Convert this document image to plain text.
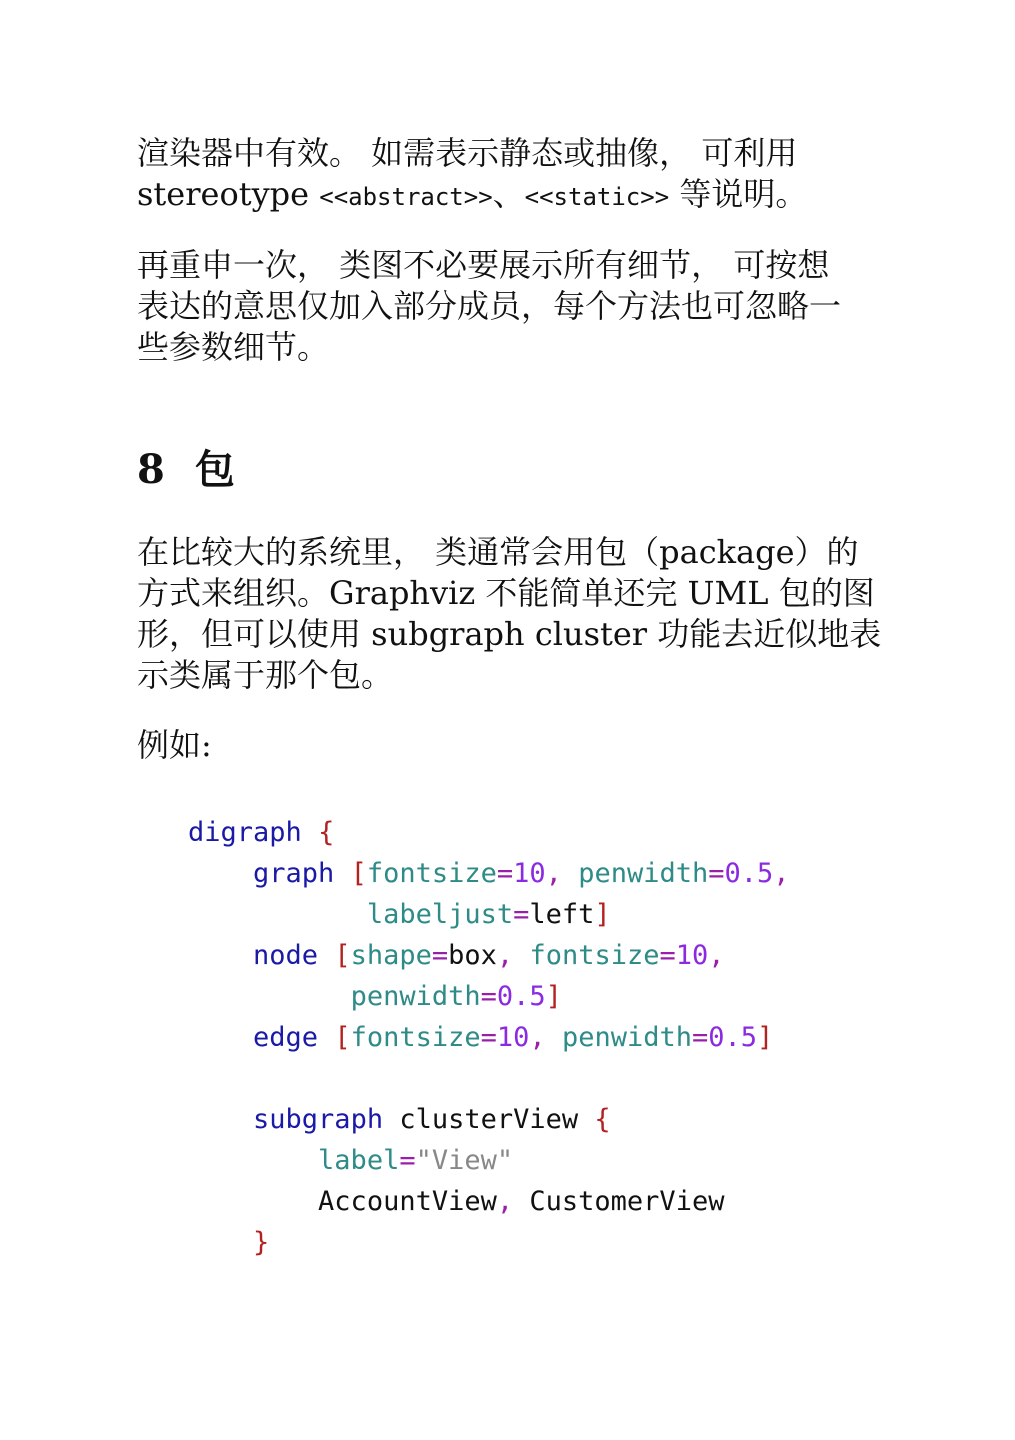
渲染器中有效。 如需表示静态或抽像， 可利用
stereotype <<abstract>>、<<static>> 等说明。

再重申一次， 类图不必要展示所有细节， 可按想
表达的意思仅加入部分成员，每个方法也可忽略一
些参数细节。

8 包

在比较大的系统里， 类通常会用包（package）的
方式来组织。Graphviz 不能简单还完 UML 包的图
形，但可以使用 subgraph cluster 功能去近似地表
示类属于那个包。

例如:

digraph {
graph [fontsize=10, penwidth=0.5,
labeljust=left]
node [shape=box, fontsize=10,
penwidth=0.5]
edge [fontsize=10, penwidth=0.5]

subgraph clusterView {
label="View"
AccountView, CustomerView
}
